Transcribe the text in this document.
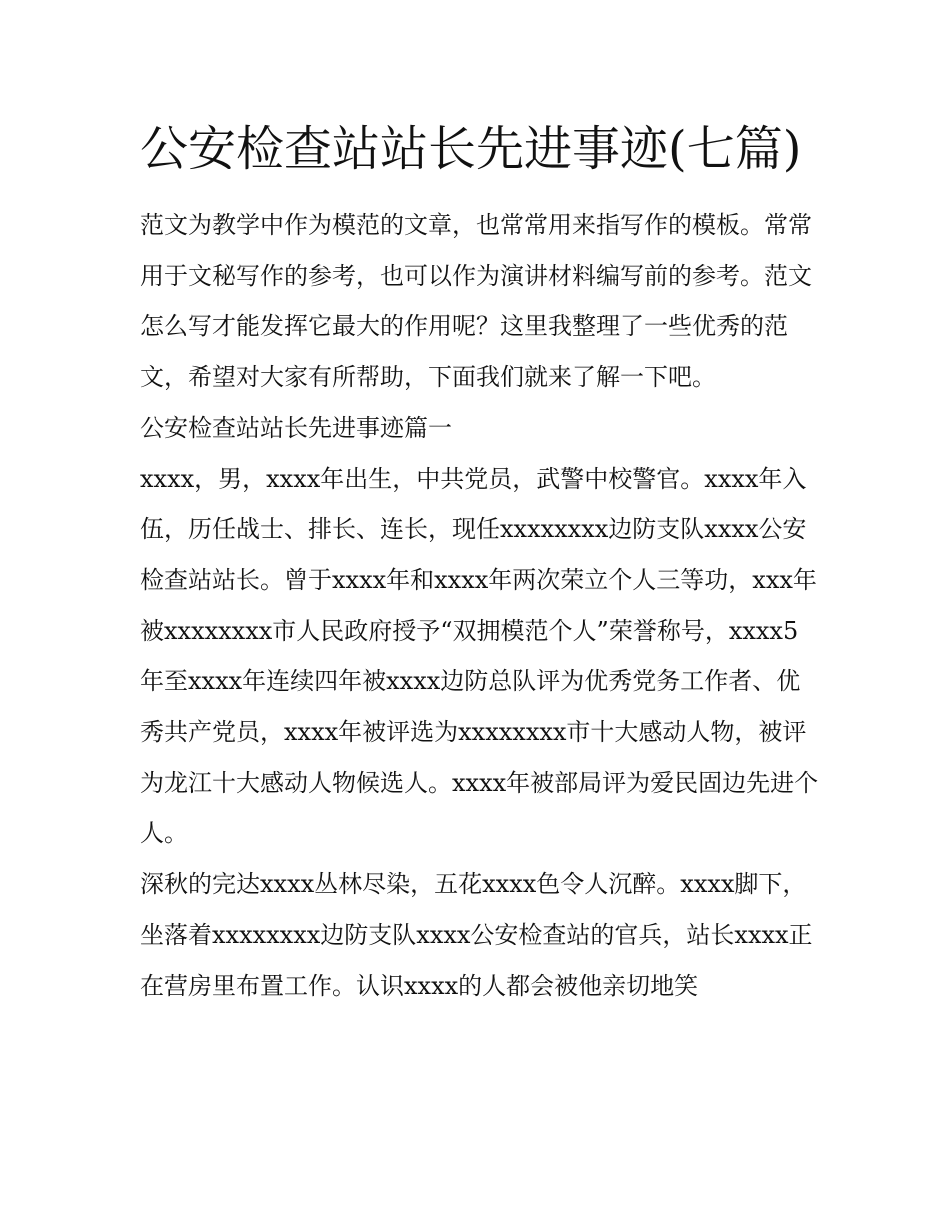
公安检查站站长先进事迹(七篇)

范文为教学中作为模范的文章，也常常用来指写作的模板。常常用于文秘写作的参考，也可以作为演讲材料编写前的参考。范文怎么写才能发挥它最大的作用呢？这里我整理了一些优秀的范文，希望对大家有所帮助，下面我们就来了解一下吧。

公安检查站站长先进事迹篇一

xxxx，男，xxxx年出生，中共党员，武警中校警官。xxxx年入伍，历任战士、排长、连长，现任xxxxxxxx边防支队xxxx公安检查站站长。曾于xxxx年和xxxx年两次荣立个人三等功，xxx年被xxxxxxxx市人民政府授予“双拥模范个人”荣誉称号，xxxx5年至xxxx年连续四年被xxxx边防总队评为优秀党务工作者、优秀共产党员，xxxx年被评选为xxxxxxxx市十大感动人物，被评为龙江十大感动人物候选人。xxxx年被部局评为爱民固边先进个人。

深秋的完达xxxx丛林尽染，五花xxxx色令人沉醉。xxxx脚下，坐落着xxxxxxxx边防支队xxxx公安检查站的官兵，站长xxxx正在营房里布置工作。认识xxxx的人都会被他亲切地笑
